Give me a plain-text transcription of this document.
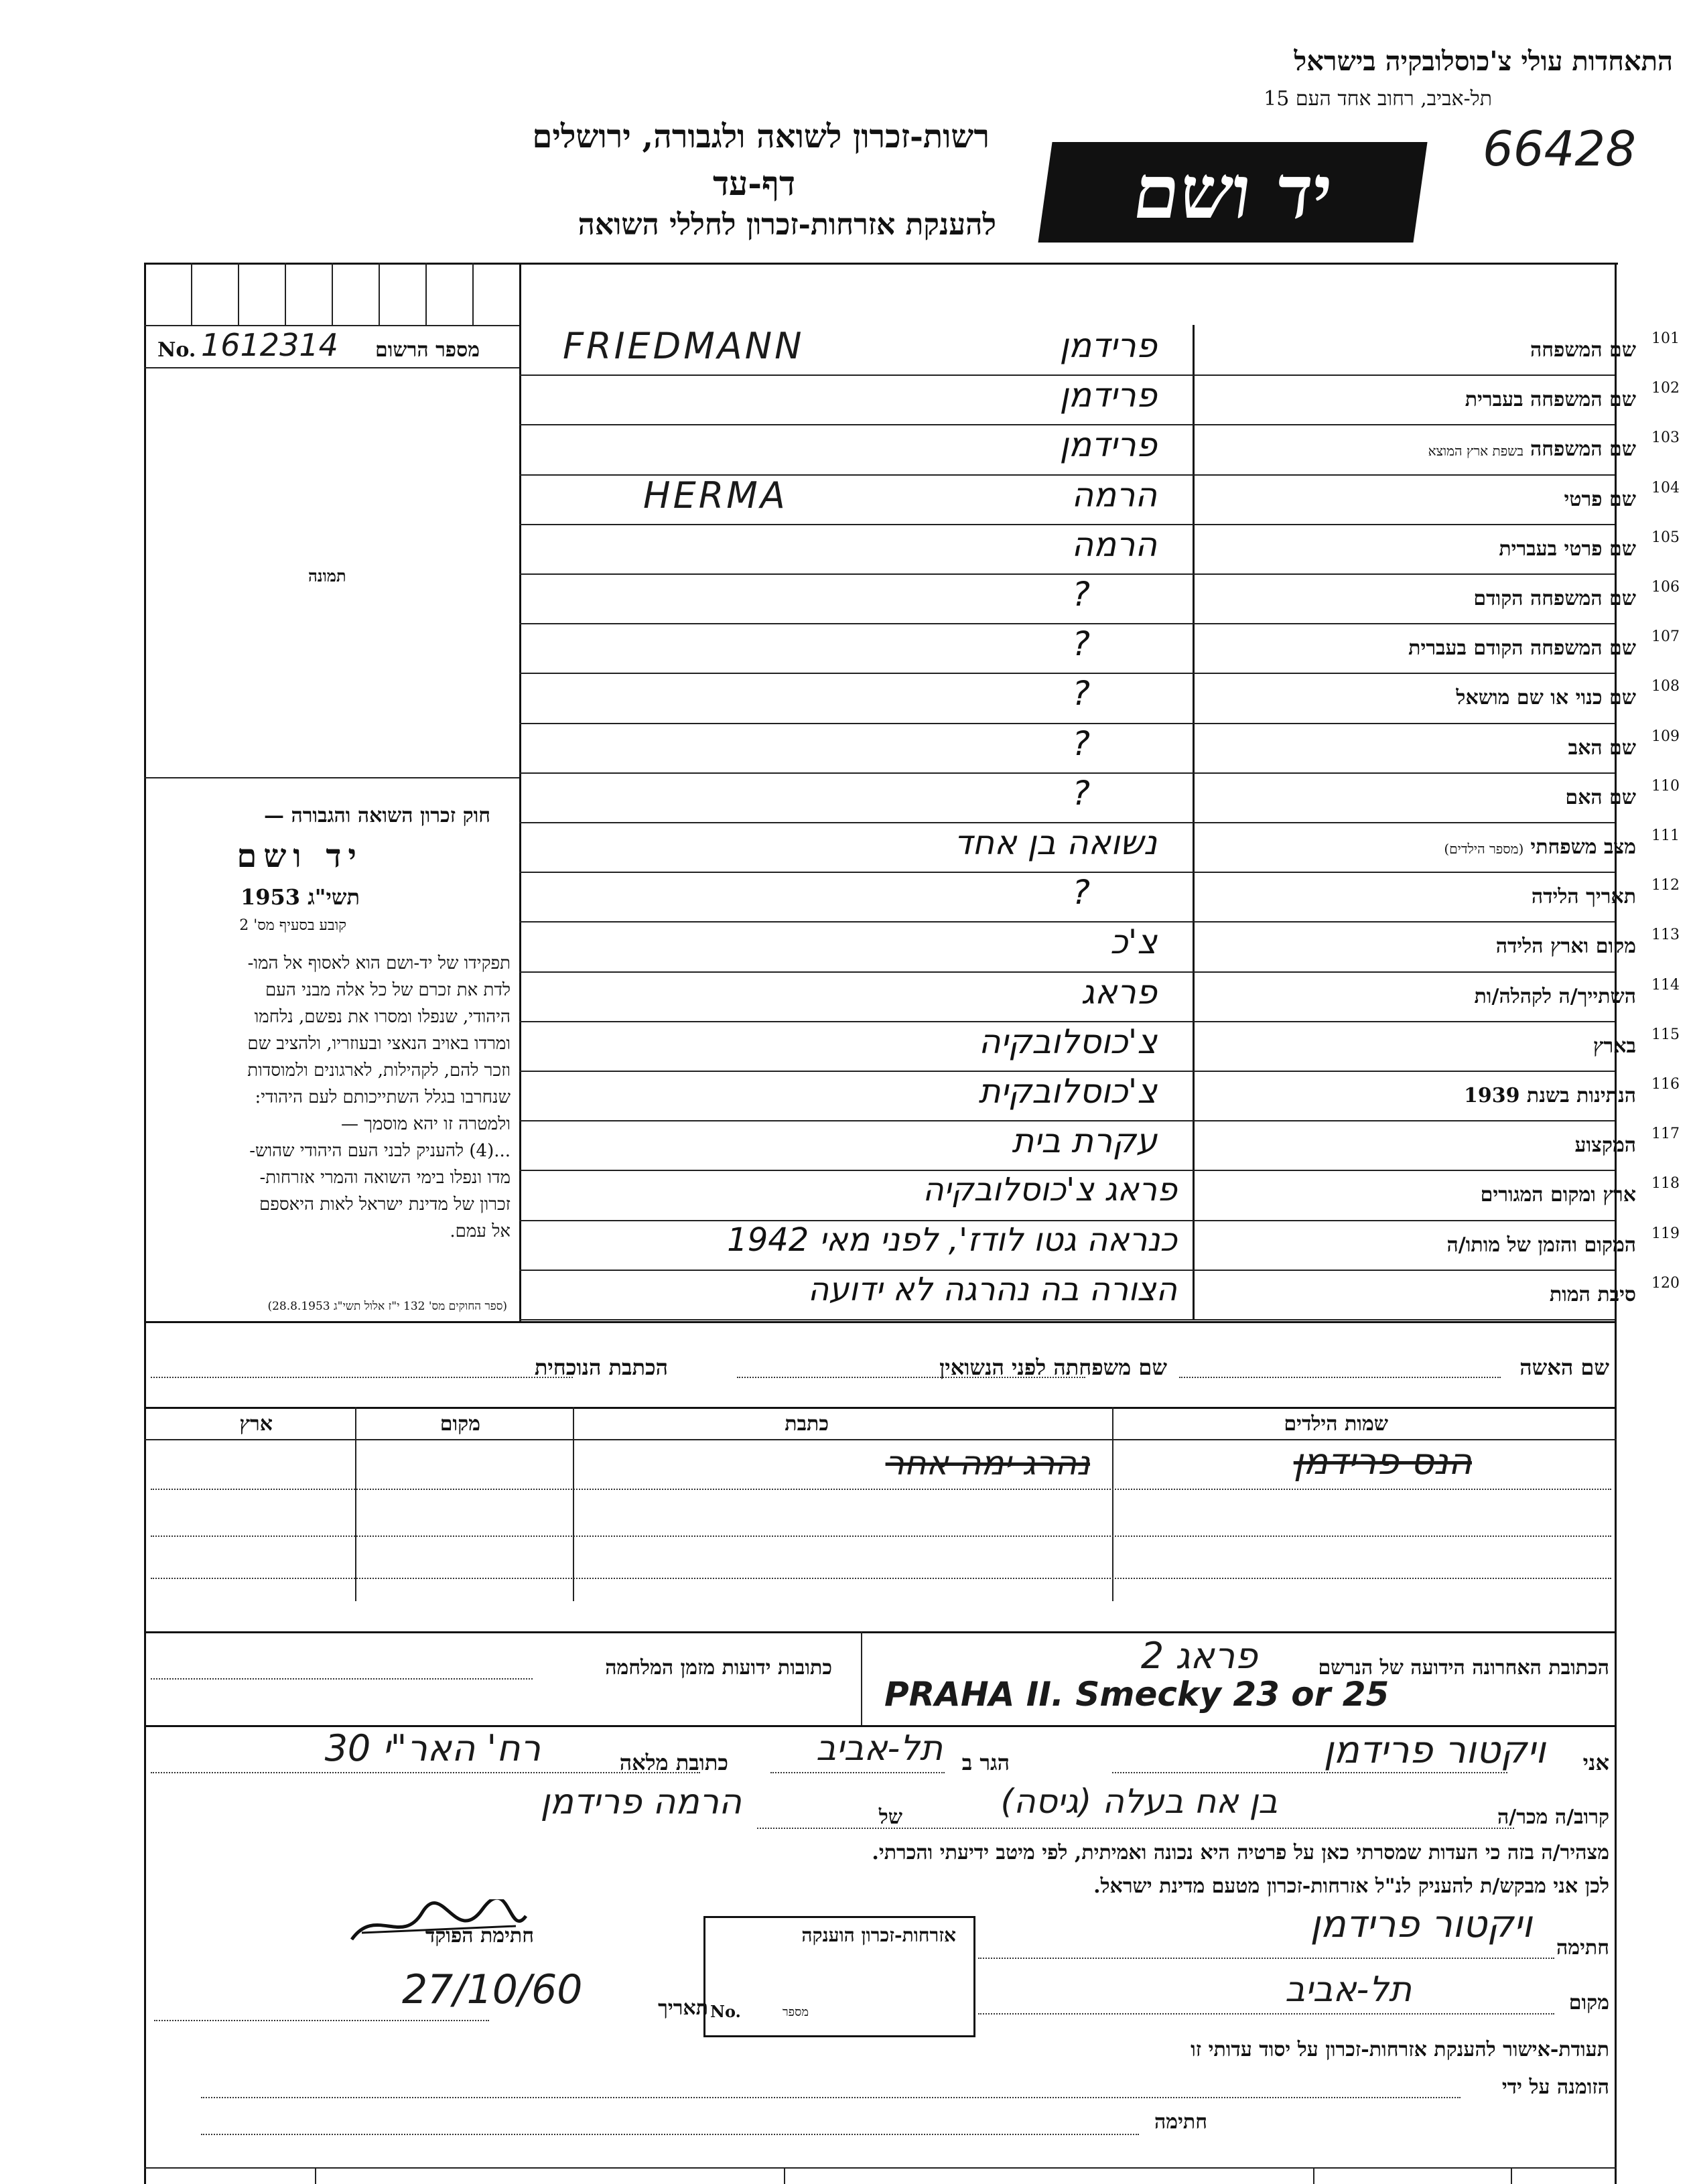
התאחדות עולי צ'כוסלובקיה בישראל
תל-אביב, רחוב אחד העם 15
66428
רשות-זכרון לשואה ולגבורה, ירושלים
דף-עד
להענקת אזרחות-זכרון לחללי השואה יד ושם
מספר הרשום
No. 1612314
תמונה
חוק זכרון השואה והגבורה —
יד ושם
תשי"ג 1953
קובע בסעיף מס' 2
תפקידו של יד-ושם הוא לאסוף אל המו-
לדת את זכרם של כל אלה מבני העם
היהודי, שנפלו ומסרו את נפשם, נלחמו
ומרדו באויב הנאצי ובעוזריו, ולהציב שם
וזכר להם, לקהילות, לארגונים ולמוסדות
שנחרבו בגלל השתייכותם לעם היהודי:
ולמטרה זו יהא מוסמך —
...(4) להעניק לבני העם היהודי שהוש-
מדו ונפלו בימי השואה והמרי אזרחות-
זכרון של מדינת ישראל לאות היאספם
אל עמם.
(ספר החוקים מס' 132 י"ז אלול תשי"ג 28.8.1953)
101
שם המשפחה
פרידמן
FRIEDMANN
102
שם המשפחה בעברית
פרידמן
103
שם המשפחהבשפת ארץ המוצא
פרידמן
104
שם פרטי
הרמה
HERMA
105
שם פרטי בעברית
הרמה
106
שם המשפחה הקודם
?
107
שם המשפחה הקודם בעברית
?
108
שם כנוי או שם מושאל
?
109
שם האב
?
110
שם האם
?
111
מצב משפחתי(מספר הילדים)
נשואה בן אחד
112
תאריך הלידה
?
113
מקום וארץ הלידה
צ'כ
114
השתייך/ה לקהלה/ות
פראג
115
בארץ
צ'כוסלובקיה
116
הנתינות בשנת 1939
צ'כוסלובקית
117
המקצוע
עקרת בית
118
ארץ ומקום המגורים
פראג צ'כוסלובקיה
119
המקום והזמן של מותו/ה
כנראה גטו לודז', לפני מאי 1942
120
סיבת המות
הצורה בה נהרגה לא ידועה
שם האשה
שם משפחתה לפני הנשואין
הכתבת הנוכחית
שמות הילדים
כתבת
מקום
ארץ
הנס פרידמן
נהרג ימה אחר
הכתובת האחרונה הידועה של הנרשם
פראג 2
PRAHA II. Smecky 23 or 25
כתובות ידועות מזמן המלחמה
אני
ויקטור פרידמן
הגר ב
תל-אביב
כתובת מלאה
רח' האר"י 30
קרוב/ה מכר/ה
בן אח בעלה (גיסה)
של
הרמה פרידמן
מצהיר/ה בזה כי העדות שמסרתי כאן על פרטיה היא נכונה ואמיתית, לפי מיטב ידיעתי והכרתי.
לכן אני מבקש/ת להעניק לנ"ל אזרחות-זכרון מטעם מדינת ישראל.
חתימה
ויקטור פרידמן
מקום
תל-אביב
חתימת הפוקד
תאריך
27/10/60
אזרחות-זכרון הוענקה
No.	מספר
תעודת-אישור להענקת אזרחות-זכרון על יסוד עדותי זו
הזומנה על ידי
חתימה
